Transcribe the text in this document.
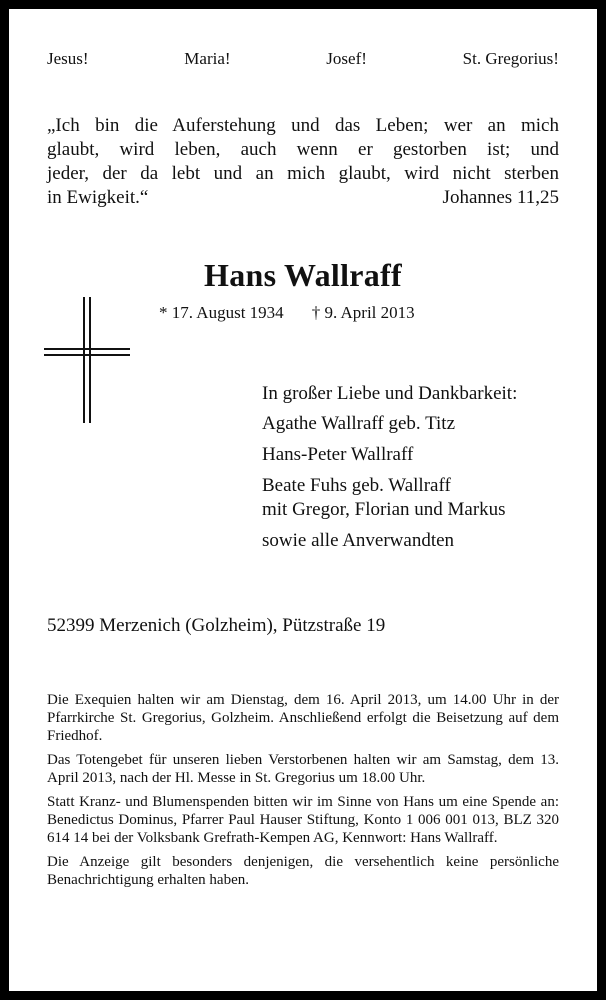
Jesus!	Maria!	Josef!	St. Gregorius!
„Ich bin die Auferstehung und das Leben; wer an mich
glaubt, wird leben, auch wenn er gestorben ist; und
jeder, der da lebt und an mich glaubt, wird nicht sterben
in Ewigkeit.“	Johannes 11,25
Hans Wallraff
* 17. August 1934 † 9. April 2013
In großer Liebe und Dankbarkeit:
Agathe Wallraff geb. Titz
Hans-Peter Wallraff
Beate Fuhs geb. Wallraff
mit Gregor, Florian und Markus
sowie alle Anverwandten
52399 Merzenich (Golzheim), Pützstraße 19

Die Exequien halten wir am Dienstag, dem 16. April 2013, um 14.00 Uhr in der Pfarrkirche St. Gregorius, Golzheim. Anschließend erfolgt die Beisetzung auf dem Friedhof.

Das Totengebet für unseren lieben Verstorbenen halten wir am Samstag, dem 13. April 2013, nach der Hl. Messe in St. Gregorius um 18.00 Uhr.

Statt Kranz- und Blumenspenden bitten wir im Sinne von Hans um eine Spende an: Benedictus Dominus, Pfarrer Paul Hauser Stiftung, Konto 1 006 001 013, BLZ 320 614 14 bei der Volksbank Grefrath-Kempen AG, Kennwort: Hans Wallraff.

Die Anzeige gilt besonders denjenigen, die versehentlich keine persönliche Benachrichtigung erhalten haben.
